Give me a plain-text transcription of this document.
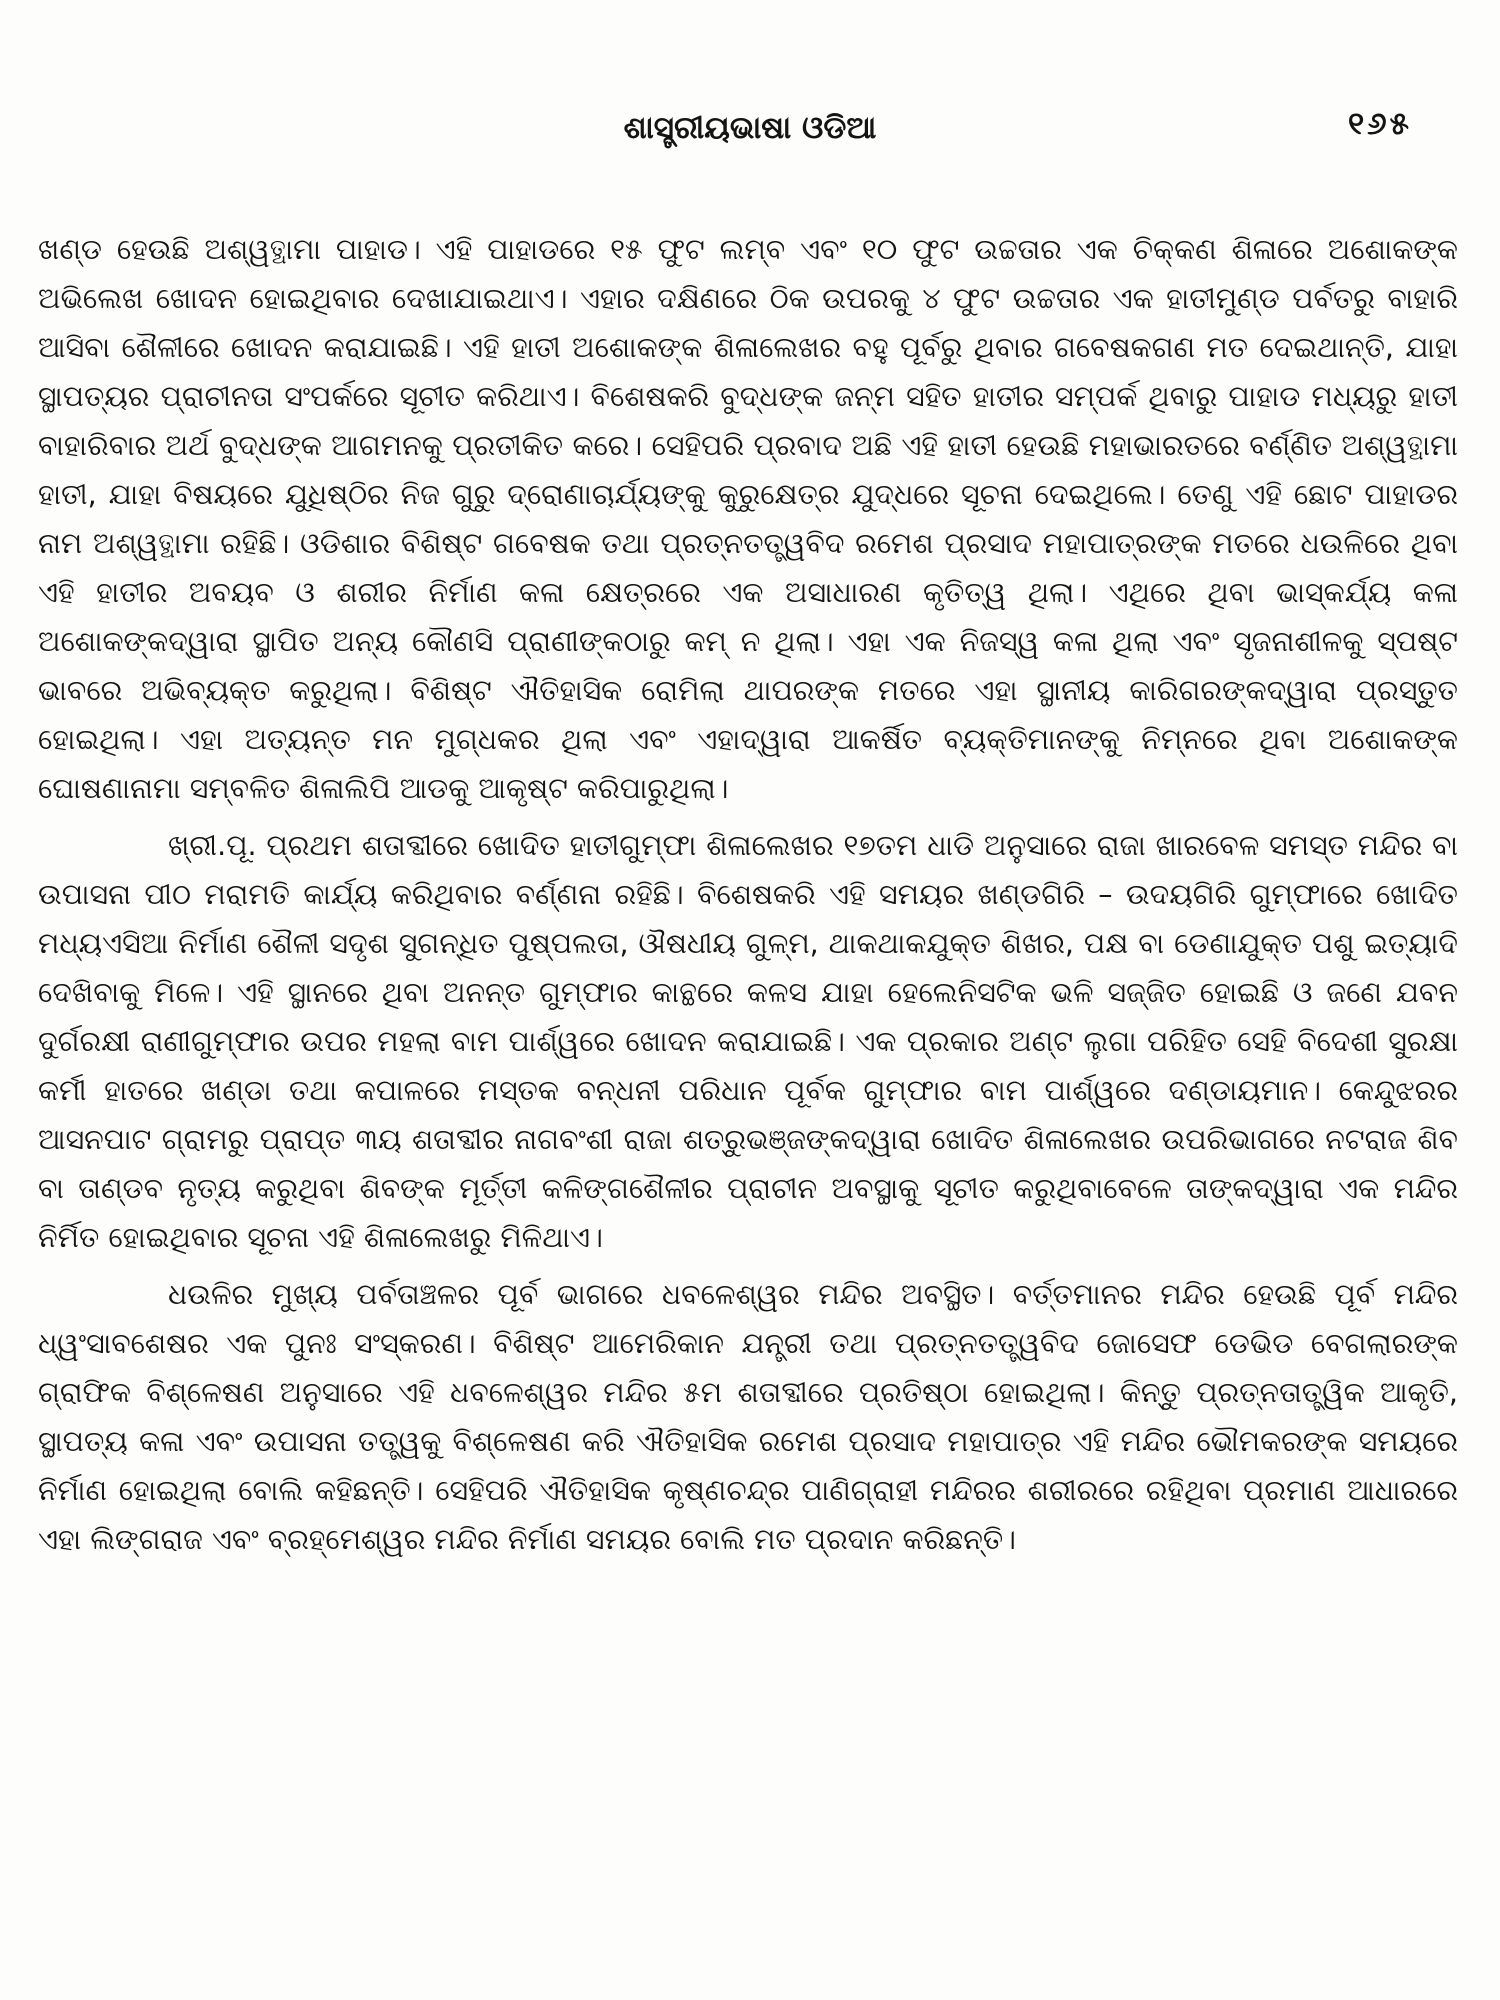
ଶାସ୍ତ୍ରୀୟଭାଷା ଓଡିଆ	୧୬୫

ଖଣ୍ଡ ହେଉଛି ଅଶ୍ୱତ୍ଥାମା ପାହାଡ। ଏହି ପାହାଡରେ ୧୫ ଫୁଟ ଲମ୍ବ ଏବଂ ୧୦ ଫୁଟ ଉଚ୍ଚତାର ଏକ ଚିକ୍କଣ ଶିଳାରେ ଅଶୋକଙ୍କ ଅଭିଲେଖ ଖୋଦନ ହୋଇଥିବାର ଦେଖାଯାଇଥାଏ। ଏହାର ଦକ୍ଷିଣରେ ଠିକ ଉପରକୁ ୪ ଫୁଟ ଉଚ୍ଚତାର ଏକ ହାତୀମୁଣ୍ଡ ପର୍ବତରୁ ବାହାରି ଆସିବା ଶୈଳୀରେ ଖୋଦନ କରାଯାଇଛି। ଏହି ହାତୀ ଅଶୋକଙ୍କ ଶିଳାଲେଖର ବହୁ ପୂର୍ବରୁ ଥିବାର ଗବେଷକଗଣ ମତ ଦେଇଥାନ୍ତି, ଯାହା ସ୍ଥାପତ୍ୟର ପ୍ରାଚୀନତା ସଂପର୍କରେ ସୂଚୀତ କରିଥାଏ। ବିଶେଷକରି ବୁଦ୍ଧଙ୍କ ଜନ୍ମ ସହିତ ହାତୀର ସମ୍ପର୍କ ଥିବାରୁ ପାହାଡ ମଧ୍ୟରୁ ହାତୀ ବାହାରିବାର ଅର୍ଥ ବୁଦ୍ଧଙ୍କ ଆଗମନକୁ ପ୍ରତୀକିତ କରେ। ସେହିପରି ପ୍ରବାଦ ଅଛି ଏହି ହାତୀ ହେଉଛି ମହାଭାରତରେ ବର୍ଣ୍ଣିତ ଅଶ୍ୱତ୍ଥାମା ହାତୀ, ଯାହା ବିଷୟରେ ଯୁଧିଷ୍ଠିର ନିଜ ଗୁରୁ ଦ୍ରୋଣାଚାର୍ଯ୍ୟଙ୍କୁ କୁରୁକ୍ଷେତ୍ର ଯୁଦ୍ଧରେ ସୂଚନା ଦେଇଥିଲେ। ତେଣୁ ଏହି ଛୋଟ ପାହାଡର ନାମ ଅଶ୍ୱତ୍ଥାମା ରହିଛି। ଓଡିଶାର ବିଶିଷ୍ଟ ଗବେଷକ ତଥା ପ୍ରତ୍ନତତ୍ତ୍ୱବିଦ ରମେଶ ପ୍ରସାଦ ମହାପାତ୍ରଙ୍କ ମତରେ ଧଉଳିରେ ଥିବା ଏହି ହାତୀର ଅବୟବ ଓ ଶରୀର ନିର୍ମାଣ କଳା କ୍ଷେତ୍ରରେ ଏକ ଅସାଧାରଣ କୃତିତ୍ୱ ଥିଲା। ଏଥିରେ ଥିବା ଭାସ୍କର୍ଯ୍ୟ କଳା ଅଶୋକଙ୍କଦ୍ୱାରା ସ୍ଥାପିତ ଅନ୍ୟ କୌଣସି ପ୍ରାଣୀଙ୍କଠାରୁ କମ୍ ନ ଥିଲା। ଏହା ଏକ ନିଜସ୍ୱ କଳା ଥିଲା ଏବଂ ସୃଜନାଶୀଳକୁ ସ୍ପଷ୍ଟ ଭାବରେ ଅଭିବ୍ୟକ୍ତ କରୁଥିଲା। ବିଶିଷ୍ଟ ଐତିହାସିକ ରୋମିଲା ଥାପରଙ୍କ ମତରେ ଏହା ସ୍ଥାନୀୟ କାରିଗରଙ୍କଦ୍ୱାରା ପ୍ରସ୍ତୁତ ହୋଇଥିଲା। ଏହା ଅତ୍ୟନ୍ତ ମନ ମୁଗ୍ଧକର ଥିଲା ଏବଂ ଏହାଦ୍ୱାରା ଆକର୍ଷିତ ବ୍ୟକ୍ତିମାନଙ୍କୁ ନିମ୍ନରେ ଥିବା ଅଶୋକଙ୍କ ଘୋଷଣାନାମା ସମ୍ବଳିତ ଶିଳାଲିପି ଆଡକୁ ଆକୃଷ୍ଟ କରିପାରୁଥିଲା।

ଖ୍ରୀ.ପୂ. ପ୍ରଥମ ଶତାବ୍ଦୀରେ ଖୋଦିତ ହାତୀଗୁମ୍ଫା ଶିଳାଲେଖର ୧୭ତମ ଧାଡି ଅନୁସାରେ ରାଜା ଖାରବେଳ ସମସ୍ତ ମନ୍ଦିର ବା ଉପାସନା ପୀଠ ମରାମତି କାର୍ଯ୍ୟ କରିଥିବାର ବର୍ଣ୍ଣନା ରହିଛି। ବିଶେଷକରି ଏହି ସମୟର ଖଣ୍ଡଗିରି – ଉଦୟଗିରି ଗୁମ୍ଫାରେ ଖୋଦିତ ମଧ୍ୟଏସିଆ ନିର୍ମାଣ ଶୈଳୀ ସଦୃଶ ସୁଗନ୍ଧିତ ପୁଷ୍ପଲତା, ଔଷଧୀୟ ଗୁଳ୍ମ, ଥାକଥାକଯୁକ୍ତ ଶିଖର, ପକ୍ଷ ବା ଡେଣାଯୁକ୍ତ ପଶୁ ଇତ୍ୟାଦି ଦେଖିବାକୁ ମିଳେ। ଏହି ସ୍ଥାନରେ ଥିବା ଅନନ୍ତ ଗୁମ୍ଫାର କାନ୍ଥରେ କଳସ ଯାହା ହେଲେନିସଟିକ ଭଳି ସଜ୍ଜିତ ହୋଇଛି ଓ ଜଣେ ଯବନ ଦୁର୍ଗରକ୍ଷୀ ରାଣୀଗୁମ୍ଫାର ଉପର ମହଲା ବାମ ପାର୍ଶ୍ୱରେ ଖୋଦନ କରାଯାଇଛି। ଏକ ପ୍ରକାର ଅଣ୍ଟ ଲୁଗା ପରିହିତ ସେହି ବିଦେଶୀ ସୁରକ୍ଷା କର୍ମୀ ହାତରେ ଖଣ୍ଡା ତଥା କପାଳରେ ମସ୍ତକ ବନ୍ଧନୀ ପରିଧାନ ପୂର୍ବକ ଗୁମ୍ଫାର ବାମ ପାର୍ଶ୍ୱରେ ଦଣ୍ଡାୟମାନ। କେନ୍ଦୁଝରର ଆସନପାଟ ଗ୍ରାମରୁ ପ୍ରାପ୍ତ ୩ୟ ଶତାବ୍ଦୀର ନାଗବଂଶୀ ରାଜା ଶତ୍ରୁଭଞ୍ଜଙ୍କଦ୍ୱାରା ଖୋଦିତ ଶିଳାଲେଖର ଉପରିଭାଗରେ ନଟରାଜ ଶିବ ବା ତାଣ୍ଡବ ନୃତ୍ୟ କରୁଥିବା ଶିବଙ୍କ ମୂର୍ତ୍ତୀ କଳିଙ୍ଗଶୈଳୀର ପ୍ରାଚୀନ ଅବସ୍ଥାକୁ ସୂଚୀତ କରୁଥିବାବେଳେ ତାଙ୍କଦ୍ୱାରା ଏକ ମନ୍ଦିର ନିର୍ମିତ ହୋଇଥିବାର ସୂଚନା ଏହି ଶିଳାଲେଖରୁ ମିଳିଥାଏ।

ଧଉଳିର ମୁଖ୍ୟ ପର୍ବତାଞ୍ଚଳର ପୂର୍ବ ଭାଗରେ ଧବଳେଶ୍ୱର ମନ୍ଦିର ଅବସ୍ଥିତ। ବର୍ତ୍ତମାନର ମନ୍ଦିର ହେଉଛି ପୂର୍ବ ମନ୍ଦିର ଧ୍ୱଂସାବଶେଷର ଏକ ପୁନଃ ସଂସ୍କରଣ। ବିଶିଷ୍ଟ ଆମେରିକାନ ଯନ୍ତ୍ରୀ ତଥା ପ୍ରତ୍ନତତ୍ତ୍ୱବିଦ ଜୋସେଫ ଡେଭିଡ ବେଗଲାରଙ୍କ ଗ୍ରାଫିକ ବିଶ୍ଳେଷଣ ଅନୁସାରେ ଏହି ଧବଳେଶ୍ୱର ମନ୍ଦିର ୫ମ ଶତାବ୍ଦୀରେ ପ୍ରତିଷ୍ଠା ହୋଇଥିଲା। କିନ୍ତୁ ପ୍ରତ୍ନତାତ୍ତ୍ୱିକ ଆକୃତି, ସ୍ଥାପତ୍ୟ କଳା ଏବଂ ଉପାସନା ତତ୍ତ୍ୱକୁ ବିଶ୍ଳେଷଣ କରି ଐତିହାସିକ ରମେଶ ପ୍ରସାଦ ମହାପାତ୍ର ଏହି ମନ୍ଦିର ଭୌମକରଙ୍କ ସମୟରେ ନିର୍ମାଣ ହୋଇଥିଲା ବୋଲି କହିଛନ୍ତି। ସେହିପରି ଐତିହାସିକ କୃଷ୍ଣଚନ୍ଦ୍ର ପାଣିଗ୍ରାହୀ ମନ୍ଦିରର ଶରୀରରେ ରହିଥିବା ପ୍ରମାଣ ଆଧାରରେ ଏହା ଲିଙ୍ଗରାଜ ଏବଂ ବ୍ରହ୍ମେଶ୍ୱର ମନ୍ଦିର ନିର୍ମାଣ ସମୟର ବୋଲି ମତ ପ୍ରଦାନ କରିଛନ୍ତି।
